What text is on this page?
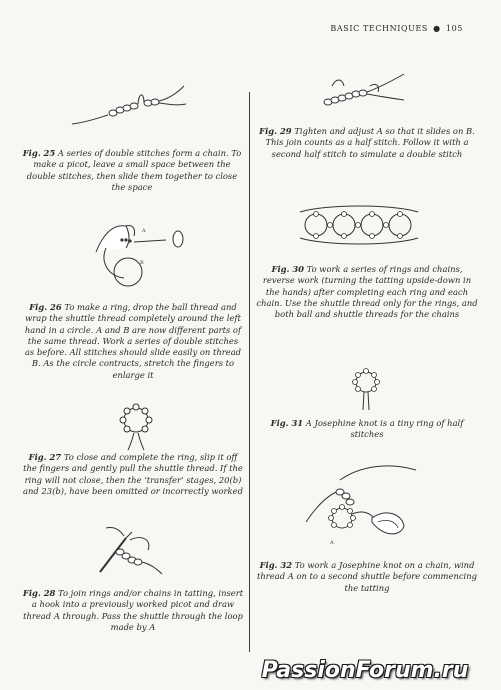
BASIC TECHNIQUES ● 105
Fig. 25 A series of double stitches form a chain. To make a picot, leave a small space between the double stitches, then slide them together to close the space
A
B
Fig. 26 To make a ring, drop the ball thread and wrap the shuttle thread completely around the left hand in a circle. A and B are now different parts of the same thread. Work a series of double stitches as before. All stitches should slide easily on thread B. As the circle contracts, stretch the fingers to enlarge it
Fig. 27 To close and complete the ring, slip it off the fingers and gently pull the shuttle thread. If the ring will not close, then the ‘transfer’ stages, 20(b) and 23(b), have been omitted or incorrectly worked
Fig. 28 To join rings and/or chains in tatting, insert a hook into a previously worked picot and draw thread A through. Pass the shuttle through the loop made by A
Fig. 29 Tighten and adjust A so that it slides on B. This join counts as a half stitch. Follow it with a second half stitch to simulate a double stitch
Fig. 30 To work a series of rings and chains, reverse work (turning the tatting upside-down in the hands) after completing each ring and each chain. Use the shuttle thread only for the rings, and both ball and shuttle threads for the chains
Fig. 31 A Josephine knot is a tiny ring of half stitches
A
Fig. 32 To work a Josephine knot on a chain, wind thread A on to a second shuttle before commencing the tatting
PassionForum.ru
